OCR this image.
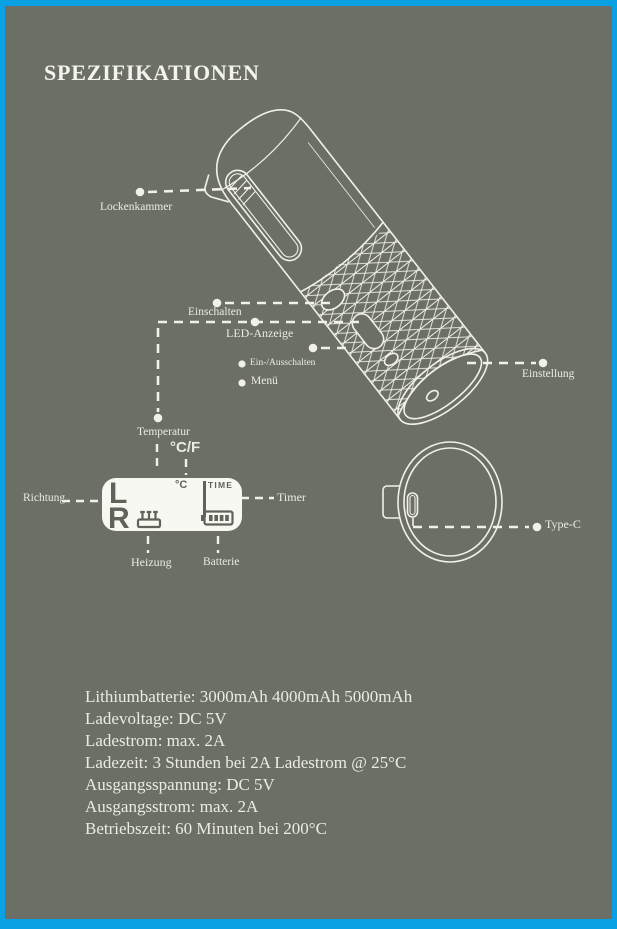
SPEZIFIKATIONEN
Lockenkammer
Einschalten
LED-Anzeige
Ein-/Ausschalten
Menü
Einstellung
Temperatur
°C/F
Richtung	Timer
Heizung	Batterie
Type-C
L
R
°C TIME
Lithiumbatterie: 3000mAh 4000mAh 5000mAh
Ladevoltage: DC 5V
Ladestrom: max. 2A
Ladezeit: 3 Stunden bei 2A Ladestrom @ 25°C
Ausgangsspannung: DC 5V
Ausgangsstrom: max. 2A
Betriebszeit: 60 Minuten bei 200°C
